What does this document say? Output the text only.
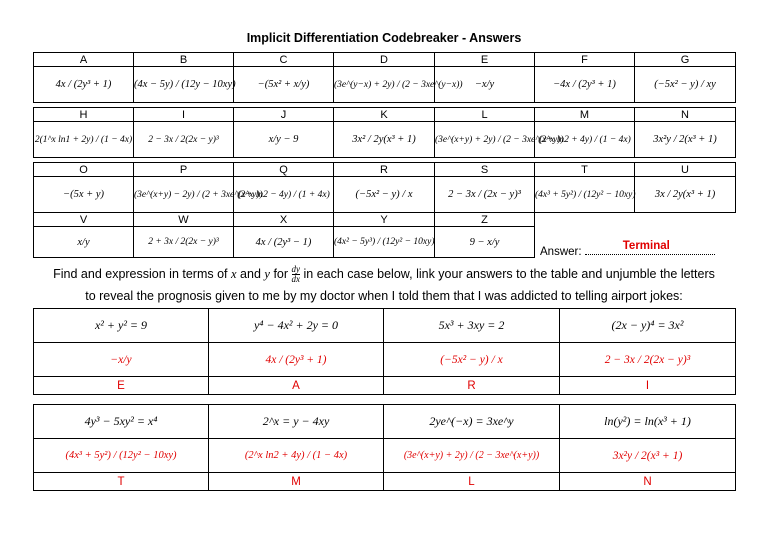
Implicit Differentiation Codebreaker - Answers
A	B	C	D	E	F	G
4x / (2y³ + 1)	(4x − 5y) / (12y − 10xy)	−(5x² + x/y)	(3e^(y−x) + 2y) / (2 − 3xe^(y−x))	−x/y	−4x / (2y³ + 1)	(−5x² − y) / xy

H	I	J	K	L	M	N
2(1^x ln1 + 2y) / (1 − 4x)	2 − 3x / 2(2x − y)³	x/y − 9	3x² / 2y(x³ + 1)	(3e^(x+y) + 2y) / (2 − 3xe^(x+y))	(2^x ln2 + 4y) / (1 − 4x)	3x²y / 2(x³ + 1)

O	P	Q	R	S	T	U
−(5x + y)	(3e^(x+y) − 2y) / (2 + 3xe^(x+y))	(2^x ln2 − 4y) / (1 + 4x)	(−5x² − y) / x	2 − 3x / (2x − y)³	(4x³ + 5y²) / (12y² − 10xy)	3x / 2y(x³ + 1)
V	W	X	Y	Z
x/y	2 + 3x / 2(2x − y)³	4x / (2y³ − 1)	(4x² − 5y³) / (12y² − 10xy)	9 − x/y
Answer:	Terminal
Find and expression in terms of x and y for $\frac{dy}{dx}$ in each case below, link your answers to the table and unjumble the letters
to reveal the prognosis given to me by my doctor when I told them that I was addicted to telling airport jokes:
x² + y² = 9	y⁴ − 4x² + 2y = 0	5x³ + 3xy = 2	(2x − y)⁴ = 3x²
−x/y	4x / (2y³ + 1)	(−5x² − y) / x	2 − 3x / 2(2x − y)³
E	A	R	I
4y³ − 5xy² = x⁴	2^x = y − 4xy	2ye^(−x) = 3xe^y	ln(y²) = ln(x³ + 1)
(4x³ + 5y²) / (12y² − 10xy)	(2^x ln2 + 4y) / (1 − 4x)	(3e^(x+y) + 2y) / (2 − 3xe^(x+y))	3x²y / 2(x³ + 1)
T	M	L	N
